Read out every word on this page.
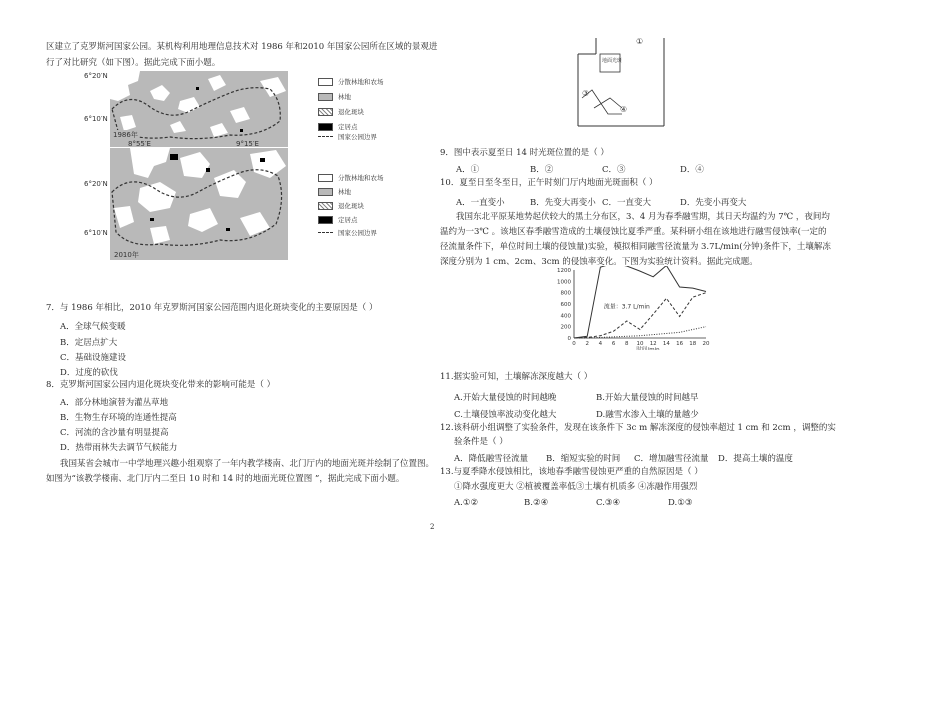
区建立了克罗斯河国家公园。某机构利用地理信息技术对 1986 年和2010 年国家公园所在区域的景观进
行了对比研究（如下图）。据此完成下面小题。
6°20′N
6°10′N
1986年
8°55′E	9°15′E
分散林地和农场
林地
退化斑块
定居点
国家公园边界
6°20′N
6°10′N
2010年
分散林地和农场
林地
退化斑块
定居点
国家公园边界
7．与 1986 年相比，2010 年克罗斯河国家公园范围内退化斑块变化的主要原因是（ ）
A．全球气候变暖
B．定居点扩大
C．基础设施建设
D．过度的砍伐
8．克罗斯河国家公园内退化斑块变化带来的影响可能是（ ）
A．部分林地演替为灌丛草地
B．生物生存环境的连通性提高
C．河流的含沙量有明显提高
D．热带雨林失去调节气候能力
我国某省会城市一中学地理兴趣小组观察了一年内教学楼南、北门厅内的地面光斑并绘制了位置图。
如图为“该教学楼南、北门厅内二至日 10 时和 14 时的地面光斑位置图 ”，据此完成下面小题。
①
③
④
地面光斑
9．图中表示夏至日 14 时光斑位置的是（ ）
A．①	B．②	C．③	D．④
10．夏至日至冬至日，正午时刻门厅内地面光斑面积（ ）
A．一直变小	B．先变大再变小 C．一直变大	D．先变小再变大
我国东北平原某地势起伏较大的黑土分布区，3、4 月为春季融雪期，其日天均温约为 7℃ ，夜间均
温约为一3℃ 。该地区春季融雪造成的土壤侵蚀比夏季严重。某科研小组在该地进行融雪侵蚀率(一定的
径流量条件下，单位时间土壤的侵蚀量)实验，模拟相同融雪径流量为 3.7L/min(分钟)条件下，土壤解冻
深度分别为 1 cm、2cm、3cm 的侵蚀率变化。下图为实验统计资料。据此完成题。
0
200
400
600
800
1000
1200
0 2 4 6 8 10 12 14 16 18 20
时间/min
流量：3.7 L/min
11.据实验可知，土壤解冻深度越大（ ）
A.开始大量侵蚀的时间越晚	B.开始大量侵蚀的时间越早
C.土壤侵蚀率波动变化越大	D.融雪水渗入土壤的量越少
12.该科研小组调整了实验条件，发现在该条件下 3c m 解冻深度的侵蚀率超过 1 cm 和 2cm ，调整的实
验条件是（ ）
A．降低融雪径流量 B．缩短实验的时间 C．增加融雪径流量 D．提高土壤的温度
13.与夏季降水侵蚀相比，该地春季融雪侵蚀更严重的自然原因是（ ）
①降水强度更大 ②植被覆盖率低③土壤有机质多 ④冻融作用强烈
A.①②	B.②④	C.③④	D.①③
2
